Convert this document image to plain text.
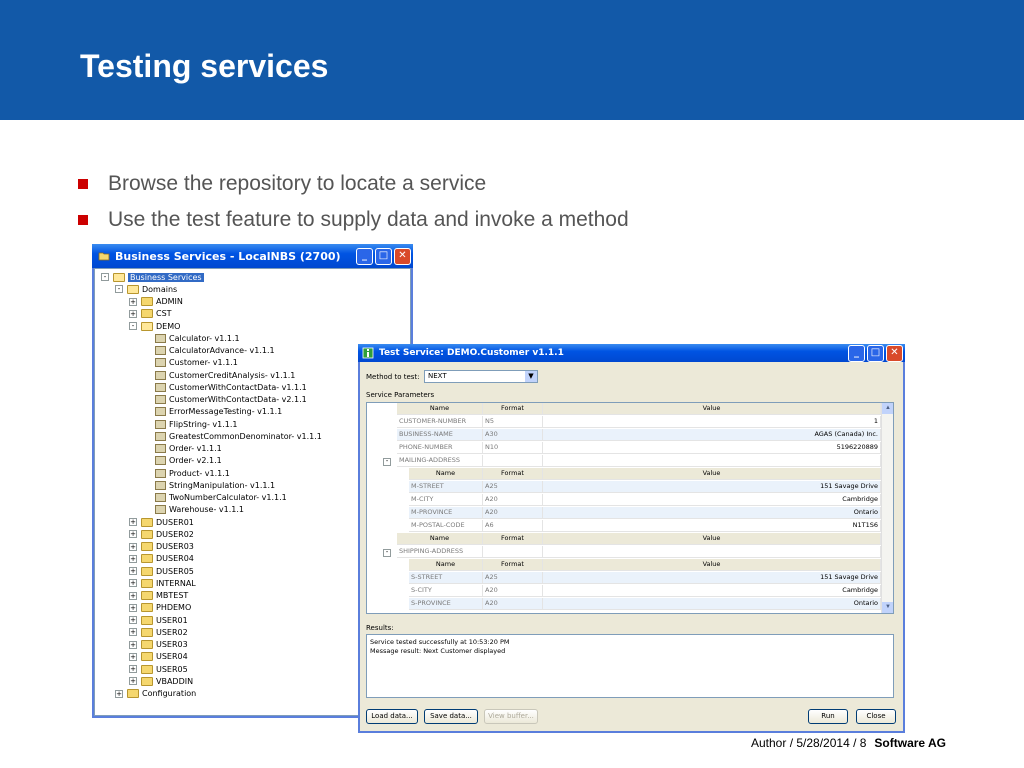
Testing services
Browse the repository to locate a service
Use the test feature to supply data and invoke a method
Business Services - LocalNBS (2700)	_ □ ✕
-	Business Services
-	Domains
+	ADMIN
+	CST
-	DEMO
Calculator- v1.1.1
CalculatorAdvance- v1.1.1
Customer- v1.1.1
CustomerCreditAnalysis- v1.1.1
CustomerWithContactData- v1.1.1
CustomerWithContactData- v2.1.1
ErrorMessageTesting- v1.1.1
FlipString- v1.1.1
GreatestCommonDenominator- v1.1.1
Order- v1.1.1
Order- v2.1.1
Product- v1.1.1
StringManipulation- v1.1.1
TwoNumberCalculator- v1.1.1
Warehouse- v1.1.1
+	DUSER01
+	DUSER02
+	DUSER03
+	DUSER04
+	DUSER05
+	INTERNAL
+	MBTEST
+	PHDEMO
+	USER01
+	USER02
+	USER03
+	USER04
+	USER05
+	VBADDIN
+	Configuration
Test Service: DEMO.Customer v1.1.1	_ □ ✕
Method to test:	NEXT	▼
Service Parameters
▲
▼
Name	Format	Value
CUSTOMER-NUMBER	N5	1
BUSINESS-NAME	A30	AGAS (Canada) Inc.
PHONE-NUMBER	N10	5196220889
MAILING-ADDRESS
-
Name	Format	Value
M-STREET	A25	151 Savage Drive
M-CITY	A20	Cambridge
M-PROVINCE	A20	Ontario
M-POSTAL-CODE	A6	N1T1S6
Name	Format	Value
SHIPPING-ADDRESS
-
Name	Format	Value
S-STREET	A25	151 Savage Drive
S-CITY	A20	Cambridge
S-PROVINCE	A20	Ontario
Results:
Service tested successfully at 10:53:20 PM
Message result: Next Customer displayed
Load data...	Save data...	View buffer...	Run	Close
Author / 5/28/2014 / 8 Software AG
